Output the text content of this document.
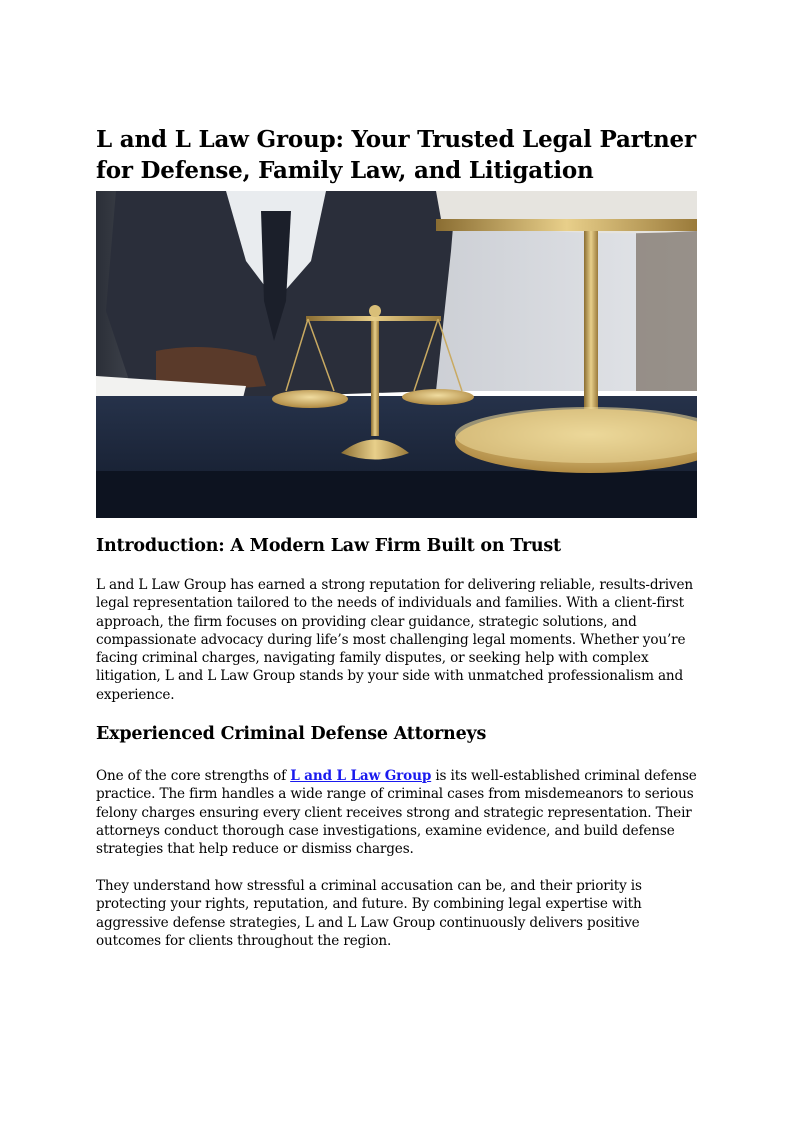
L and L Law Group: Your Trusted Legal Partner for Defense, Family Law, and Litigation
Introduction: A Modern Law Firm Built on Trust

L and L Law Group has earned a strong reputation for delivering reliable, results-driven legal representation tailored to the needs of individuals and families. With a client-first approach, the firm focuses on providing clear guidance, strategic solutions, and compassionate advocacy during life’s most challenging legal moments. Whether you’re facing criminal charges, navigating family disputes, or seeking help with complex litigation, L and L Law Group stands by your side with unmatched professionalism and experience.

Experienced Criminal Defense Attorneys

One of the core strengths of L and L Law Group is its well-established criminal defense practice. The firm handles a wide range of criminal cases from misdemeanors to serious felony charges ensuring every client receives strong and strategic representation. Their attorneys conduct thorough case investigations, examine evidence, and build defense strategies that help reduce or dismiss charges.

They understand how stressful a criminal accusation can be, and their priority is protecting your rights, reputation, and future. By combining legal expertise with aggressive defense strategies, L and L Law Group continuously delivers positive outcomes for clients throughout the region.
